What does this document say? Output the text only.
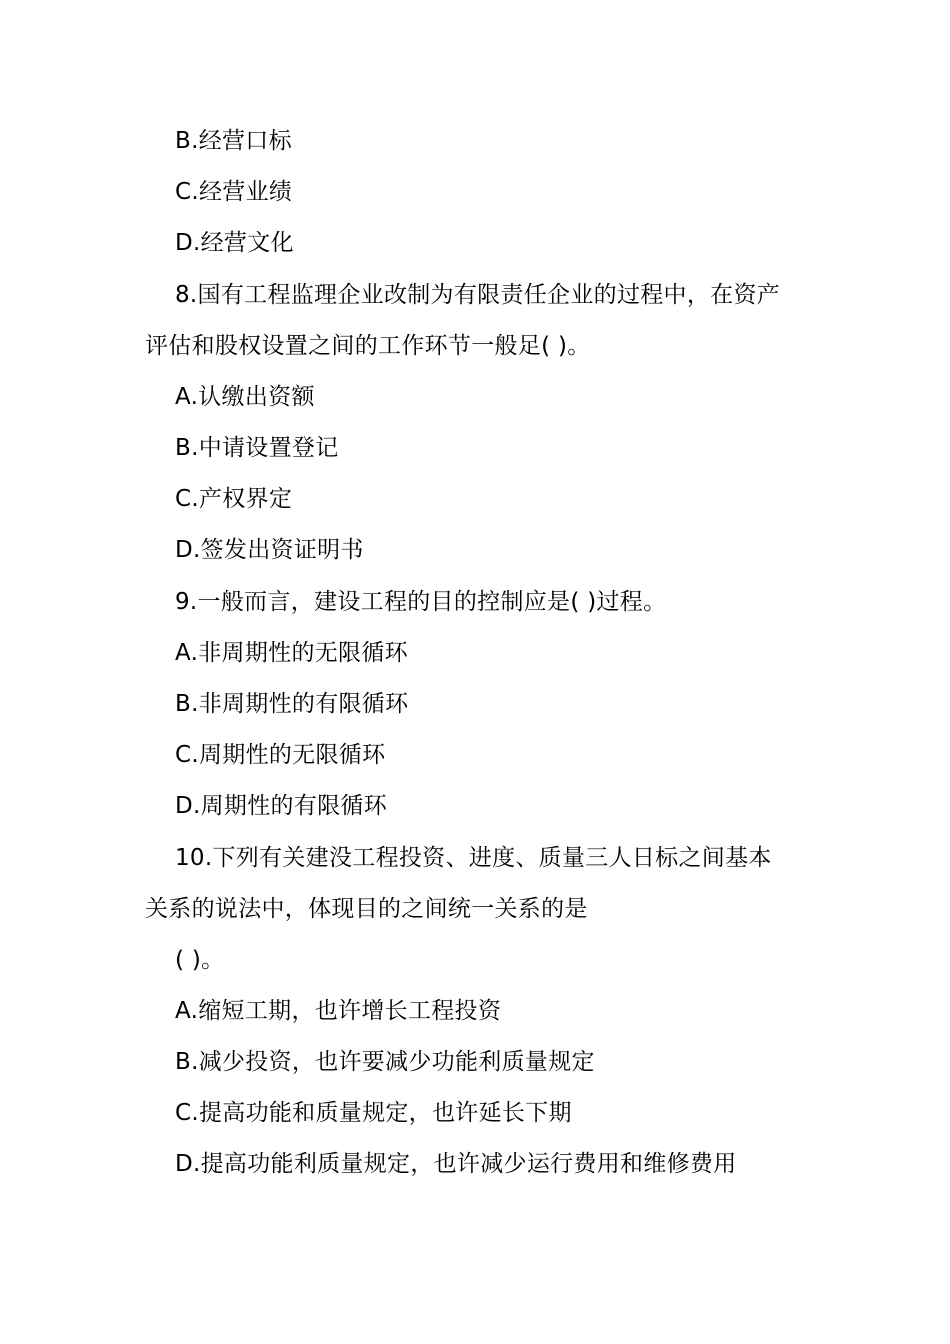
B.经营口标
C.经营业绩
D.经营文化
8.国有工程监理企业改制为有限责任企业的过程中，在资产
评估和股权设置之间的工作环节一般足( )。
A.认缴出资额
B.中请设置登记
C.产权界定
D.签发出资证明书
9.一般而言，建设工程的目的控制应是( )过程。
A.非周期性的无限循环
B.非周期性的有限循环
C.周期性的无限循环
D.周期性的有限循环
10.下列有关建没工程投资、进度、质量三人日标之间基本
关系的说法中，体现目的之间统一关系的是
( )。
A.缩短工期，也许增长工程投资
B.减少投资，也许要减少功能利质量规定
C.提高功能和质量规定，也许延长下期
D.提高功能利质量规定，也许减少运行费用和维修费用
